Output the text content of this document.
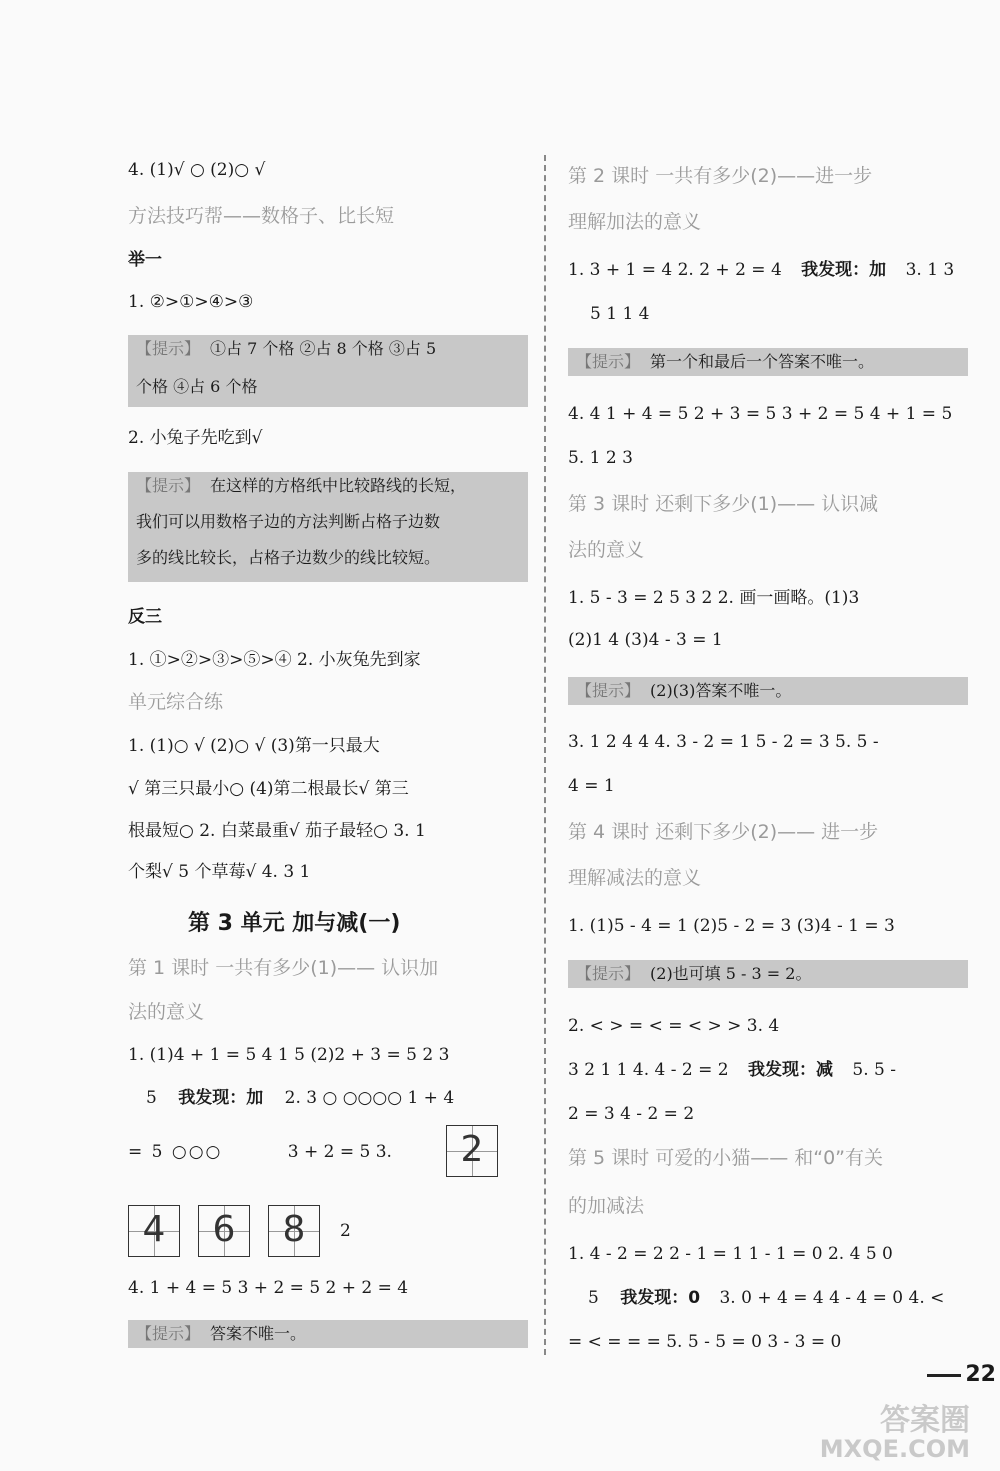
4. (1)√ ○ (2)○ √
方法技巧帮——数格子、比长短
举一
1. ②>①>④>③
【提示】 ①占 7 个格 ②占 8 个格 ③占 5
个格 ④占 6 个格
2. 小兔子先吃到√
【提示】 在这样的方格纸中比较路线的长短，
我们可以用数格子边的方法判断占格子边数
多的线比较长，占格子边数少的线比较短。
反三
1. ①>②>③>⑤>④ 2. 小灰兔先到家
单元综合练
1. (1)○ √ (2)○ √ (3)第一只最大
√ 第三只最小○ (4)第二根最长√ 第三
根最短○ 2. 白菜最重√ 茄子最轻○ 3. 1
个梨√ 5 个草莓√ 4. 3 1
第 3 单元 加与减(一)
第 1 课时 一共有多少(1)—— 认识加
法的意义
1. (1)4 + 1 = 5 4 1 5 (2)2 + 3 = 5 2 3
5 我发现：加 2. 3 ○ ○○○○ 1 + 4
= 5 ○○○	3 + 2 = 5 3.	2
4	6	8	2
4. 1 + 4 = 5 3 + 2 = 5 2 + 2 = 4
【提示】 答案不唯一。
第 2 课时 一共有多少(2)——进一步
理解加法的意义
1. 3 + 1 = 4 2. 2 + 2 = 4 我发现：加 3. 1 3
5 1 1 4
【提示】 第一个和最后一个答案不唯一。
4. 4 1 + 4 = 5 2 + 3 = 5 3 + 2 = 5 4 + 1 = 5
5. 1 2 3
第 3 课时 还剩下多少(1)—— 认识减
法的意义
1. 5 - 3 = 2 5 3 2 2. 画一画略。(1)3
(2)1 4 (3)4 - 3 = 1
【提示】 (2)(3)答案不唯一。
3. 1 2 4 4 4. 3 - 2 = 1 5 - 2 = 3 5. 5 -
4 = 1
第 4 课时 还剩下多少(2)—— 进一步
理解减法的意义
1. (1)5 - 4 = 1 (2)5 - 2 = 3 (3)4 - 1 = 3
【提示】 (2)也可填 5 - 3 = 2。
2. < > = < = < > > 3. 4
3 2 1 1 4. 4 - 2 = 2 我发现：减 5. 5 -
2 = 3 4 - 2 = 2
第 5 课时 可爱的小猫—— 和“0”有关
的加减法
1. 4 - 2 = 2 2 - 1 = 1 1 - 1 = 0 2. 4 5 0
5 我发现：0 3. 0 + 4 = 4 4 - 4 = 0 4. <
= < = = = 5. 5 - 5 = 0 3 - 3 = 0
22
答案圈
MXQE.COM
